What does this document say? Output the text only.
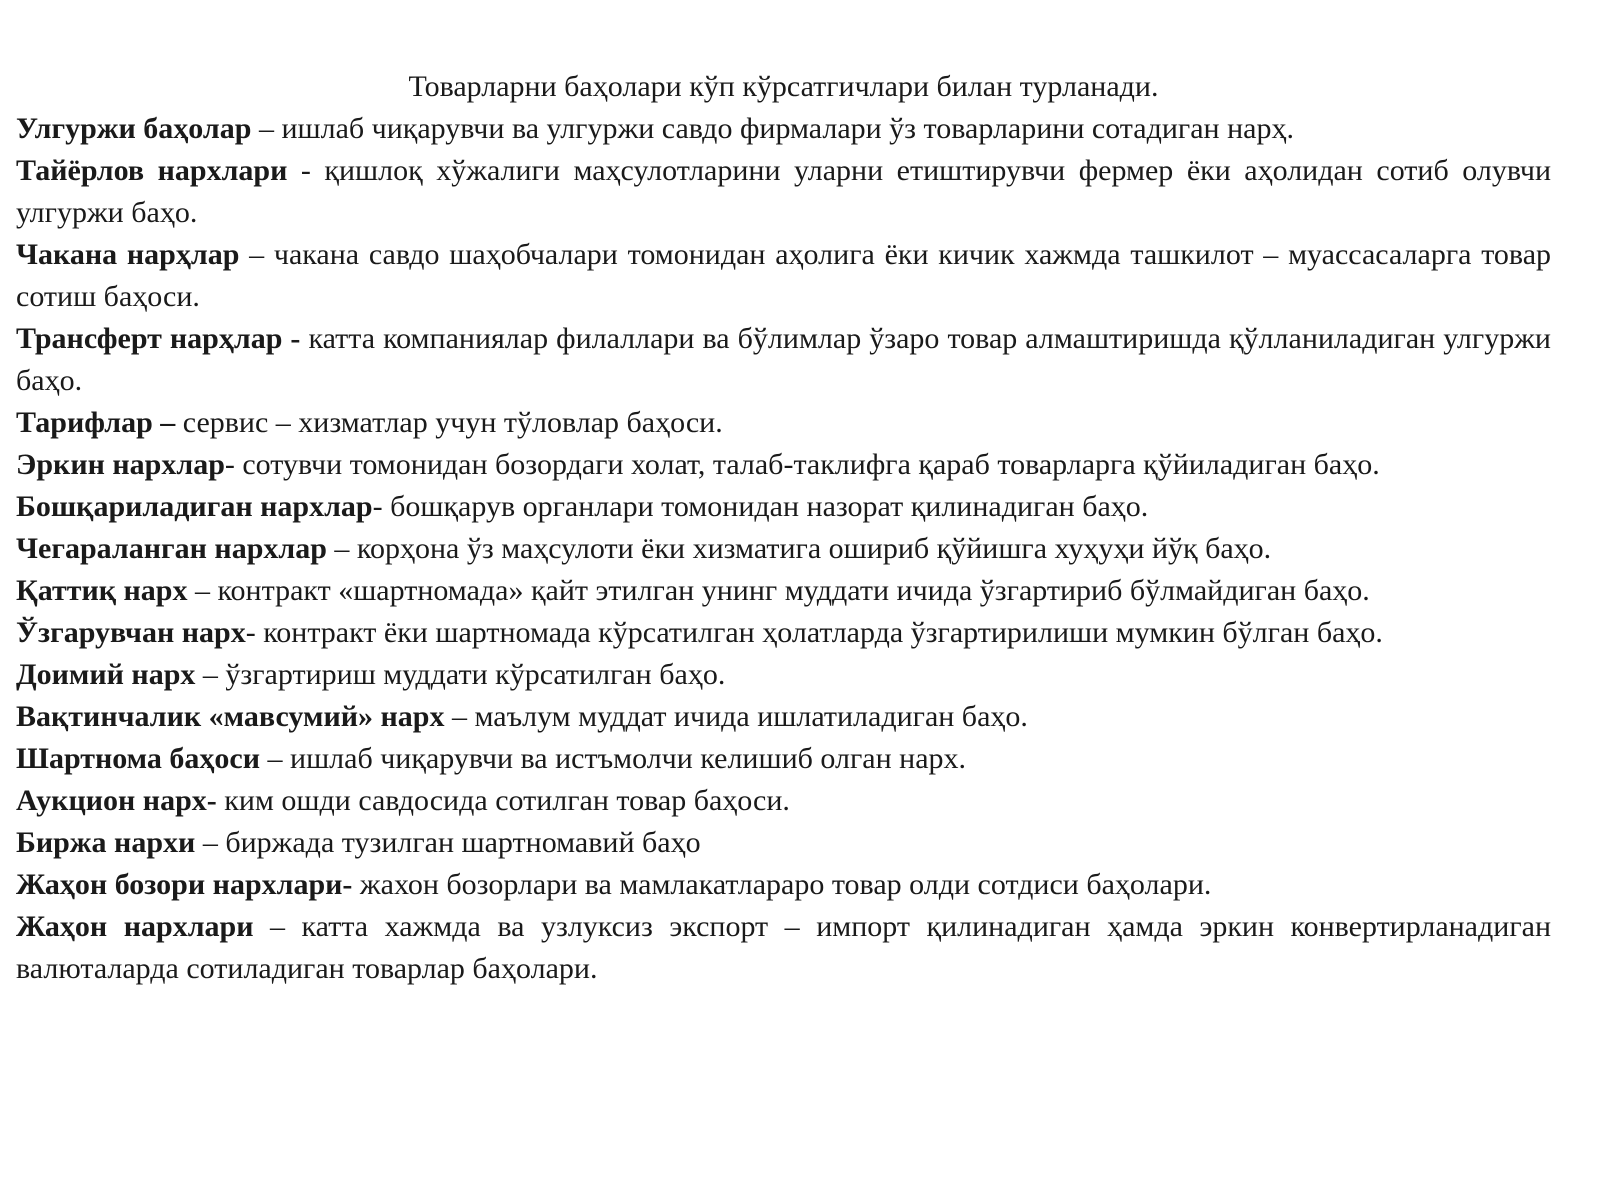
Товарларни баҳолари кўп кўрсатгичлари билан турланади.

Улгуржи баҳолар – ишлаб чиқарувчи ва улгуржи савдо фирмалари ўз товарларини сотадиган нарҳ.

Тайёрлов нархлари - қишлоқ хўжалиги маҳсулотларини уларни етиштирувчи фермер ёки аҳолидан сотиб олувчи улгуржи баҳо.

Чакана нарҳлар – чакана савдо шаҳобчалари томонидан аҳолига ёки кичик хажмда ташкилот – муассасаларга товар сотиш баҳоси.

Трансферт нарҳлар - катта компаниялар филаллари ва бўлимлар ўзаро товар алмаштиришда қўлланиладиган улгуржи баҳо.

Тарифлар – сервис – хизматлар учун тўловлар баҳоси.

Эркин нархлар- сотувчи томонидан бозордаги холат, талаб-таклифга қараб товарларга қўйиладиган баҳо.

Бошқариладиган нархлар- бошқарув органлари томонидан назорат қилинадиган баҳо.

Чегараланган нархлар – корҳона ўз маҳсулоти ёки хизматига ошириб қўйишга хуҳуҳи йўқ баҳо.

Қаттиқ нарх – контракт «шартномада» қайт этилган унинг муддати ичида ўзгартириб бўлмайдиган баҳо.

Ўзгарувчан нарх- контракт ёки шартномада кўрсатилган ҳолатларда ўзгартирилиши мумкин бўлган баҳо.

Доимий нарх – ўзгартириш муддати кўрсатилган баҳо.

Вақтинчалик «мавсумий» нарх – маълум муддат ичида ишлатиладиган баҳо.

Шартнома баҳоси – ишлаб чиқарувчи ва истъмолчи келишиб олган нарх.

Аукцион нарх- ким ошди савдосида сотилган товар баҳоси.

Биржа нархи – биржада тузилган шартномавий баҳо

Жаҳон бозори нархлари- жахон бозорлари ва мамлакатлараро товар олди сотдиси баҳолари.

Жаҳон нархлари – катта хажмда ва узлуксиз экспорт – импорт қилинадиган ҳамда эркин конвертирланадиган валюталарда сотиладиган товарлар баҳолари.
